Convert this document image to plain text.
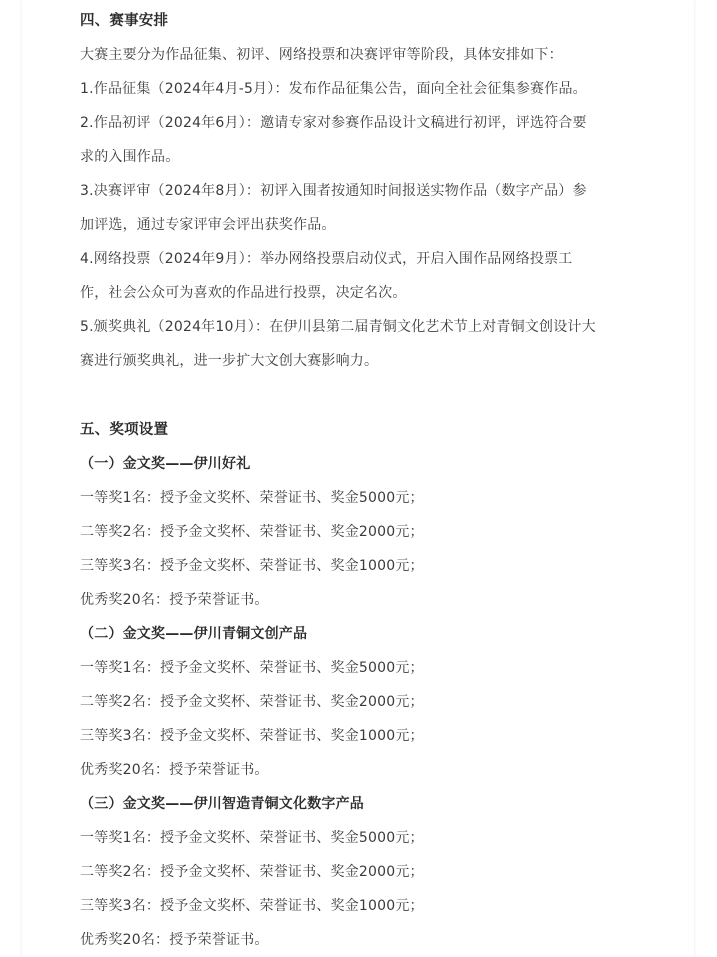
四、赛事安排
大赛主要分为作品征集、初评、网络投票和决赛评审等阶段，具体安排如下：
1.作品征集（2024年4月-5月）：发布作品征集公告，面向全社会征集参赛作品。
2.作品初评（2024年6月）：邀请专家对参赛作品设计文稿进行初评，评选符合要
求的入围作品。
3.决赛评审（2024年8月）：初评入围者按通知时间报送实物作品（数字产品）参
加评选，通过专家评审会评出获奖作品。
4.网络投票（2024年9月）：举办网络投票启动仪式，开启入围作品网络投票工
作，社会公众可为喜欢的作品进行投票，决定名次。
5.颁奖典礼（2024年10月）：在伊川县第二届青铜文化艺术节上对青铜文创设计大
赛进行颁奖典礼，进一步扩大文创大赛影响力。
五、奖项设置
（一）金文奖——伊川好礼
一等奖1名：授予金文奖杯、荣誉证书、奖金5000元；
二等奖2名：授予金文奖杯、荣誉证书、奖金2000元；
三等奖3名：授予金文奖杯、荣誉证书、奖金1000元；
优秀奖20名：授予荣誉证书。
（二）金文奖——伊川青铜文创产品
一等奖1名：授予金文奖杯、荣誉证书、奖金5000元；
二等奖2名：授予金文奖杯、荣誉证书、奖金2000元；
三等奖3名：授予金文奖杯、荣誉证书、奖金1000元；
优秀奖20名：授予荣誉证书。
（三）金文奖——伊川智造青铜文化数字产品
一等奖1名：授予金文奖杯、荣誉证书、奖金5000元；
二等奖2名：授予金文奖杯、荣誉证书、奖金2000元；
三等奖3名：授予金文奖杯、荣誉证书、奖金1000元；
优秀奖20名：授予荣誉证书。
